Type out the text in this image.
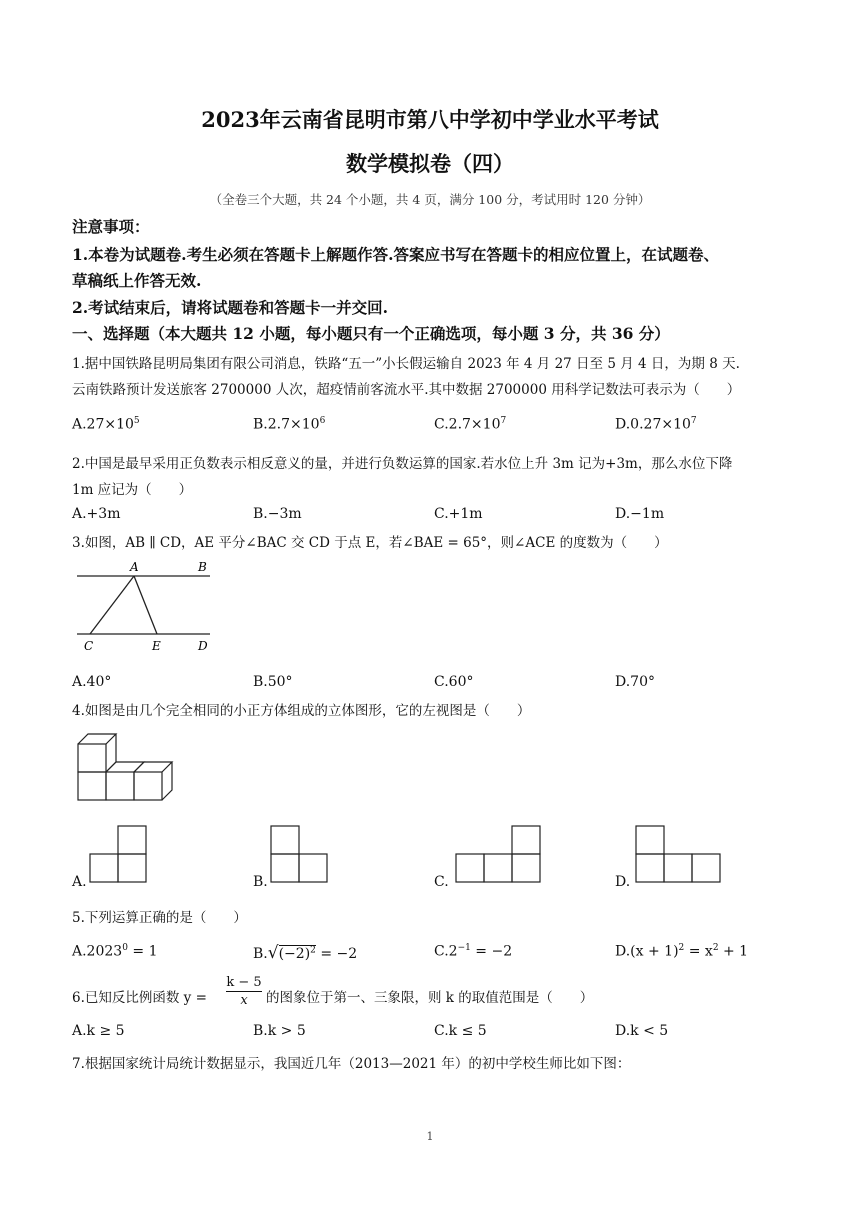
2023年云南省昆明市第八中学初中学业水平考试
数学模拟卷（四）
（全卷三个大题，共 24 个小题，共 4 页，满分 100 分，考试用时 120 分钟）
注意事项：
1.本卷为试题卷.考生必须在答题卡上解题作答.答案应书写在答题卡的相应位置上，在试题卷、
草稿纸上作答无效.
2.考试结束后，请将试题卷和答题卡一并交回.
一、选择题（本大题共 12 小题，每小题只有一个正确选项，每小题 3 分，共 36 分）
1.据中国铁路昆明局集团有限公司消息，铁路“五一”小长假运输自 2023 年 4 月 27 日至 5 月 4 日，为期 8 天.
云南铁路预计发送旅客 2700000 人次，超疫情前客流水平.其中数据 2700000 用科学记数法可表示为（　　）
$A.27\times 10^5$	$B.2.7\times 10^6$	$C.2.7\times 10^7$	$D.0.27\times 10^7$
2.中国是最早采用正负数表示相反意义的量，并进行负数运算的国家.若水位上升 3m 记为+3m，那么水位下降
1m 应记为（　　）
A.+3m	B.−3m	C.+1m	D.−1m
3.如图，AB ∥ CD，AE 平分∠BAC 交 CD 于点 E，若∠BAE = 65°，则∠ACE 的度数为（　　）
A	B
C	E	D
A.40°	B.50°	C.60°	D.70°
4.如图是由几个完全相同的小正方体组成的立体图形，它的左视图是（　　）
A.	B.	C.	D.
5.下列运算正确的是（　　）
$A.2023^0 = 1$	$B.√(-2)^2 = -2$	$C.2^{-1} = -2$	$D.(x + 1)^2 = x^2 + 1$
6.已知反比例函数 $y = \frac{k - 5}{x}$ 的图象位于第一、三象限，则 k 的取值范围是（　　）
A.k ≥ 5	B.k > 5	C.k ≤ 5	D.k < 5
7.根据国家统计局统计数据显示，我国近几年（2013—2021 年）的初中学校生师比如下图：
1
